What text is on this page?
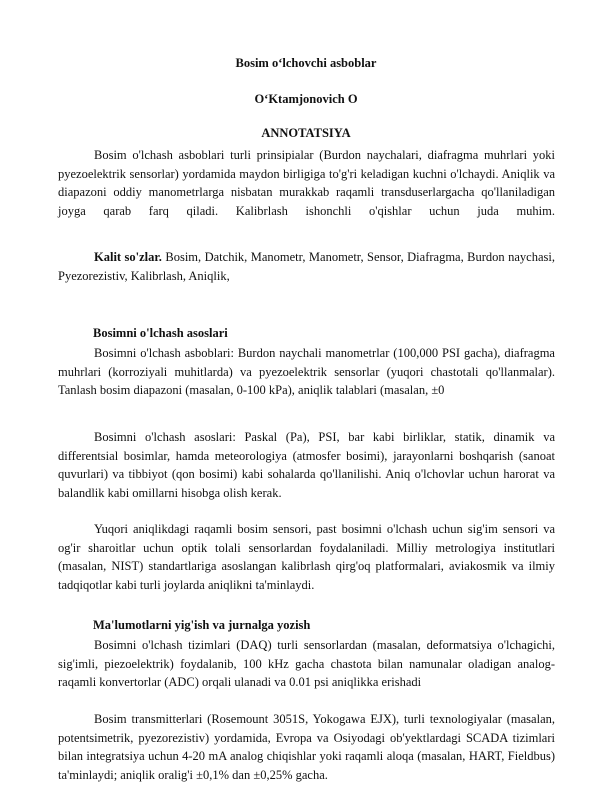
Bosim oʻlchovchi asboblar
OʻKtamjonovich O
ANNOTATSIYA

Bosim o'lchash asboblari turli prinsipialar (Burdon naychalari, diafragma muhrlari yoki pyezoelektrik sensorlar) yordamida maydon birligiga to'g'ri keladigan kuchni o'lchaydi. Aniqlik va diapazoni oddiy manometrlarga nisbatan murakkab raqamli transduserlargacha qo'llaniladigan joyga qarab farq qiladi. Kalibrlash ishonchli o'qishlar uchun juda muhim.

Kalit so'zlar. Bosim, Datchik, Manometr, Manometr, Sensor, Diafragma, Burdon naychasi, Pyezorezistiv, Kalibrlash, Aniqlik,

Bosimni o'lchash asoslari

Bosimni o'lchash asboblari: Burdon naychali manometrlar (100,000 PSI gacha), diafragma muhrlari (korroziyali muhitlarda) va pyezoelektrik sensorlar (yuqori chastotali qo'llanmalar). Tanlash bosim diapazoni (masalan, 0-100 kPa), aniqlik talablari (masalan, ±0

Bosimni o'lchash asoslari: Paskal (Pa), PSI, bar kabi birliklar, statik, dinamik va differentsial bosimlar, hamda meteorologiya (atmosfer bosimi), jarayonlarni boshqarish (sanoat quvurlari) va tibbiyot (qon bosimi) kabi sohalarda qo'llanilishi. Aniq o'lchovlar uchun harorat va balandlik kabi omillarni hisobga olish kerak.

Yuqori aniqlikdagi raqamli bosim sensori, past bosimni o'lchash uchun sig'im sensori va og'ir sharoitlar uchun optik tolali sensorlardan foydalaniladi. Milliy metrologiya institutlari (masalan, NIST) standartlariga asoslangan kalibrlash qirg'oq platformalari, aviakosmik va ilmiy tadqiqotlar kabi turli joylarda aniqlikni ta'minlaydi.

Ma'lumotlarni yig'ish va jurnalga yozish

Bosimni o'lchash tizimlari (DAQ) turli sensorlardan (masalan, deformatsiya o'lchagichi, sig'imli, piezoelektrik) foydalanib, 100 kHz gacha chastota bilan namunalar oladigan analog-raqamli konvertorlar (ADC) orqali ulanadi va 0.01 psi aniqlikka erishadi

Bosim transmitterlari (Rosemount 3051S, Yokogawa EJX), turli texnologiyalar (masalan, potentsimetrik, pyezorezistiv) yordamida, Evropa va Osiyodagi ob'yektlardagi SCADA tizimlari bilan integratsiya uchun 4-20 mA analog chiqishlar yoki raqamli aloqa (masalan, HART, Fieldbus) ta'minlaydi; aniqlik oralig'i ±0,1% dan ±0,25% gacha.
